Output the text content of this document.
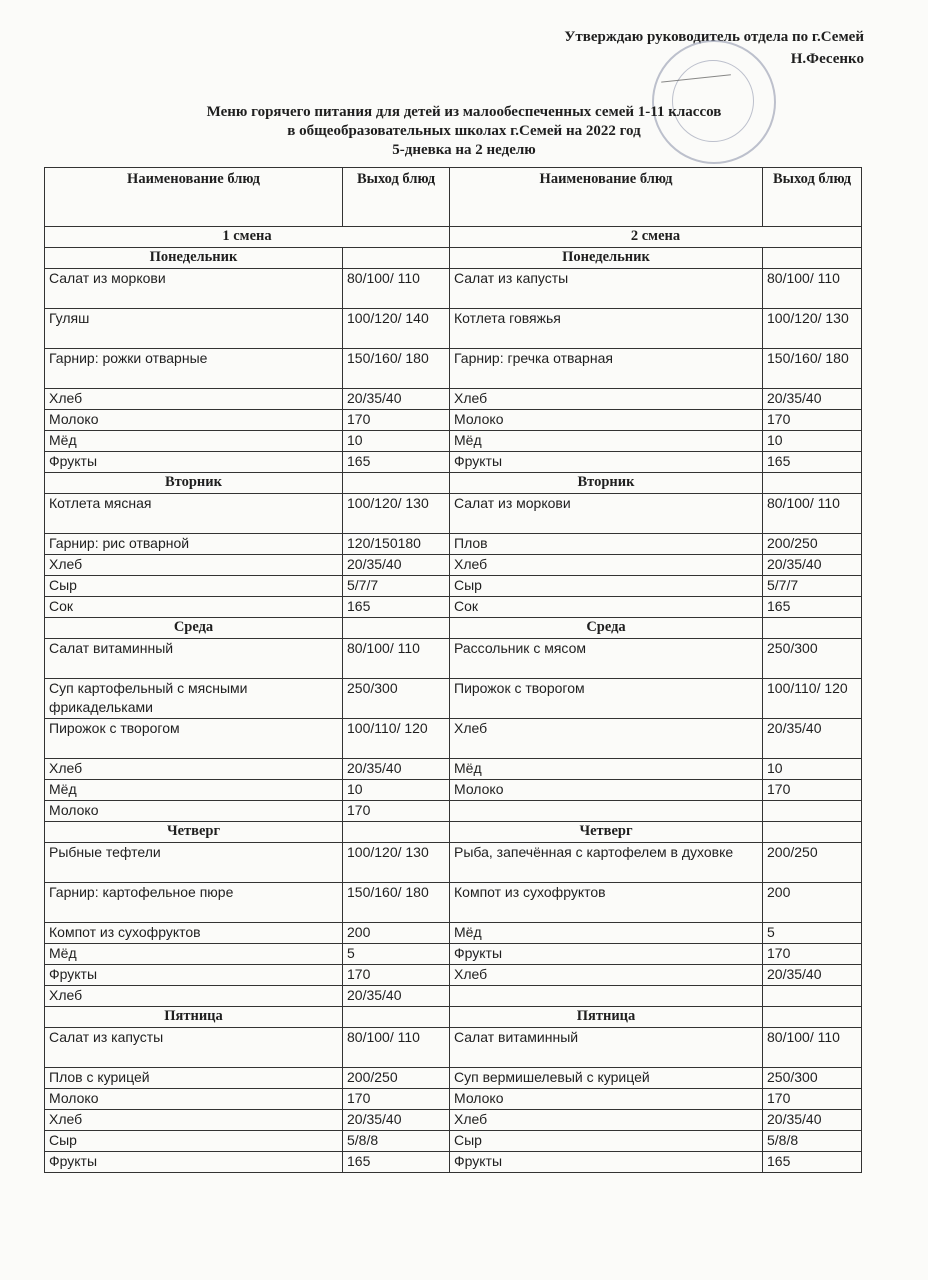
Утверждаю руководитель отдела по г.Семей
Н.Фесенко
Меню горячего питания для детей из малообеспеченных семей 1-11 классов
в общеобразовательных школах г.Семей на 2022 год
5-дневка на 2 неделю
Наименование блюд	Выход блюд	Наименование блюд	Выход блюд
1 смена		2 смена	
Понедельник		Понедельник	
Салат из моркови	80/100/ 110	Салат из капусты	80/100/ 110
Гуляш	100/120/ 140	Котлета говяжья	100/120/ 130
Гарнир: рожки отварные	150/160/ 180	Гарнир: гречка отварная	150/160/ 180
Хлеб	20/35/40	Хлеб	20/35/40
Молоко	170	Молоко	170
Мёд	10	Мёд	10
Фрукты	165	Фрукты	165
Вторник		Вторник	
Котлета мясная	100/120/ 130	Салат из моркови	80/100/ 110
Гарнир: рис отварной	120/150180	Плов	200/250
Хлеб	20/35/40	Хлеб	20/35/40
Сыр	5/7/7	Сыр	5/7/7
Сок	165	Сок	165
Среда		Среда	
Салат витаминный	80/100/ 110	Рассольник с мясом	250/300
Суп картофельный с мясными фрикадельками	250/300	Пирожок с творогом	100/110/ 120
Пирожок с творогом	100/110/ 120	Хлеб	20/35/40
Хлеб	20/35/40	Мёд	10
Мёд	10	Молоко	170
Молоко	170		
Четверг		Четверг	
Рыбные тефтели	100/120/ 130	Рыба, запечённая с картофелем в духовке	200/250
Гарнир: картофельное пюре	150/160/ 180	Компот из сухофруктов	200
Компот из сухофруктов	200	Мёд	5
Мёд	5	Фрукты	170
Фрукты	170	Хлеб	20/35/40
Хлеб	20/35/40		
Пятница		Пятница	
Салат из капусты	80/100/ 110	Салат витаминный	80/100/ 110
Плов с курицей	200/250	Суп вермишелевый с курицей	250/300
Молоко	170	Молоко	170
Хлеб	20/35/40	Хлеб	20/35/40
Сыр	5/8/8	Сыр	5/8/8
Фрукты	165	Фрукты	165
